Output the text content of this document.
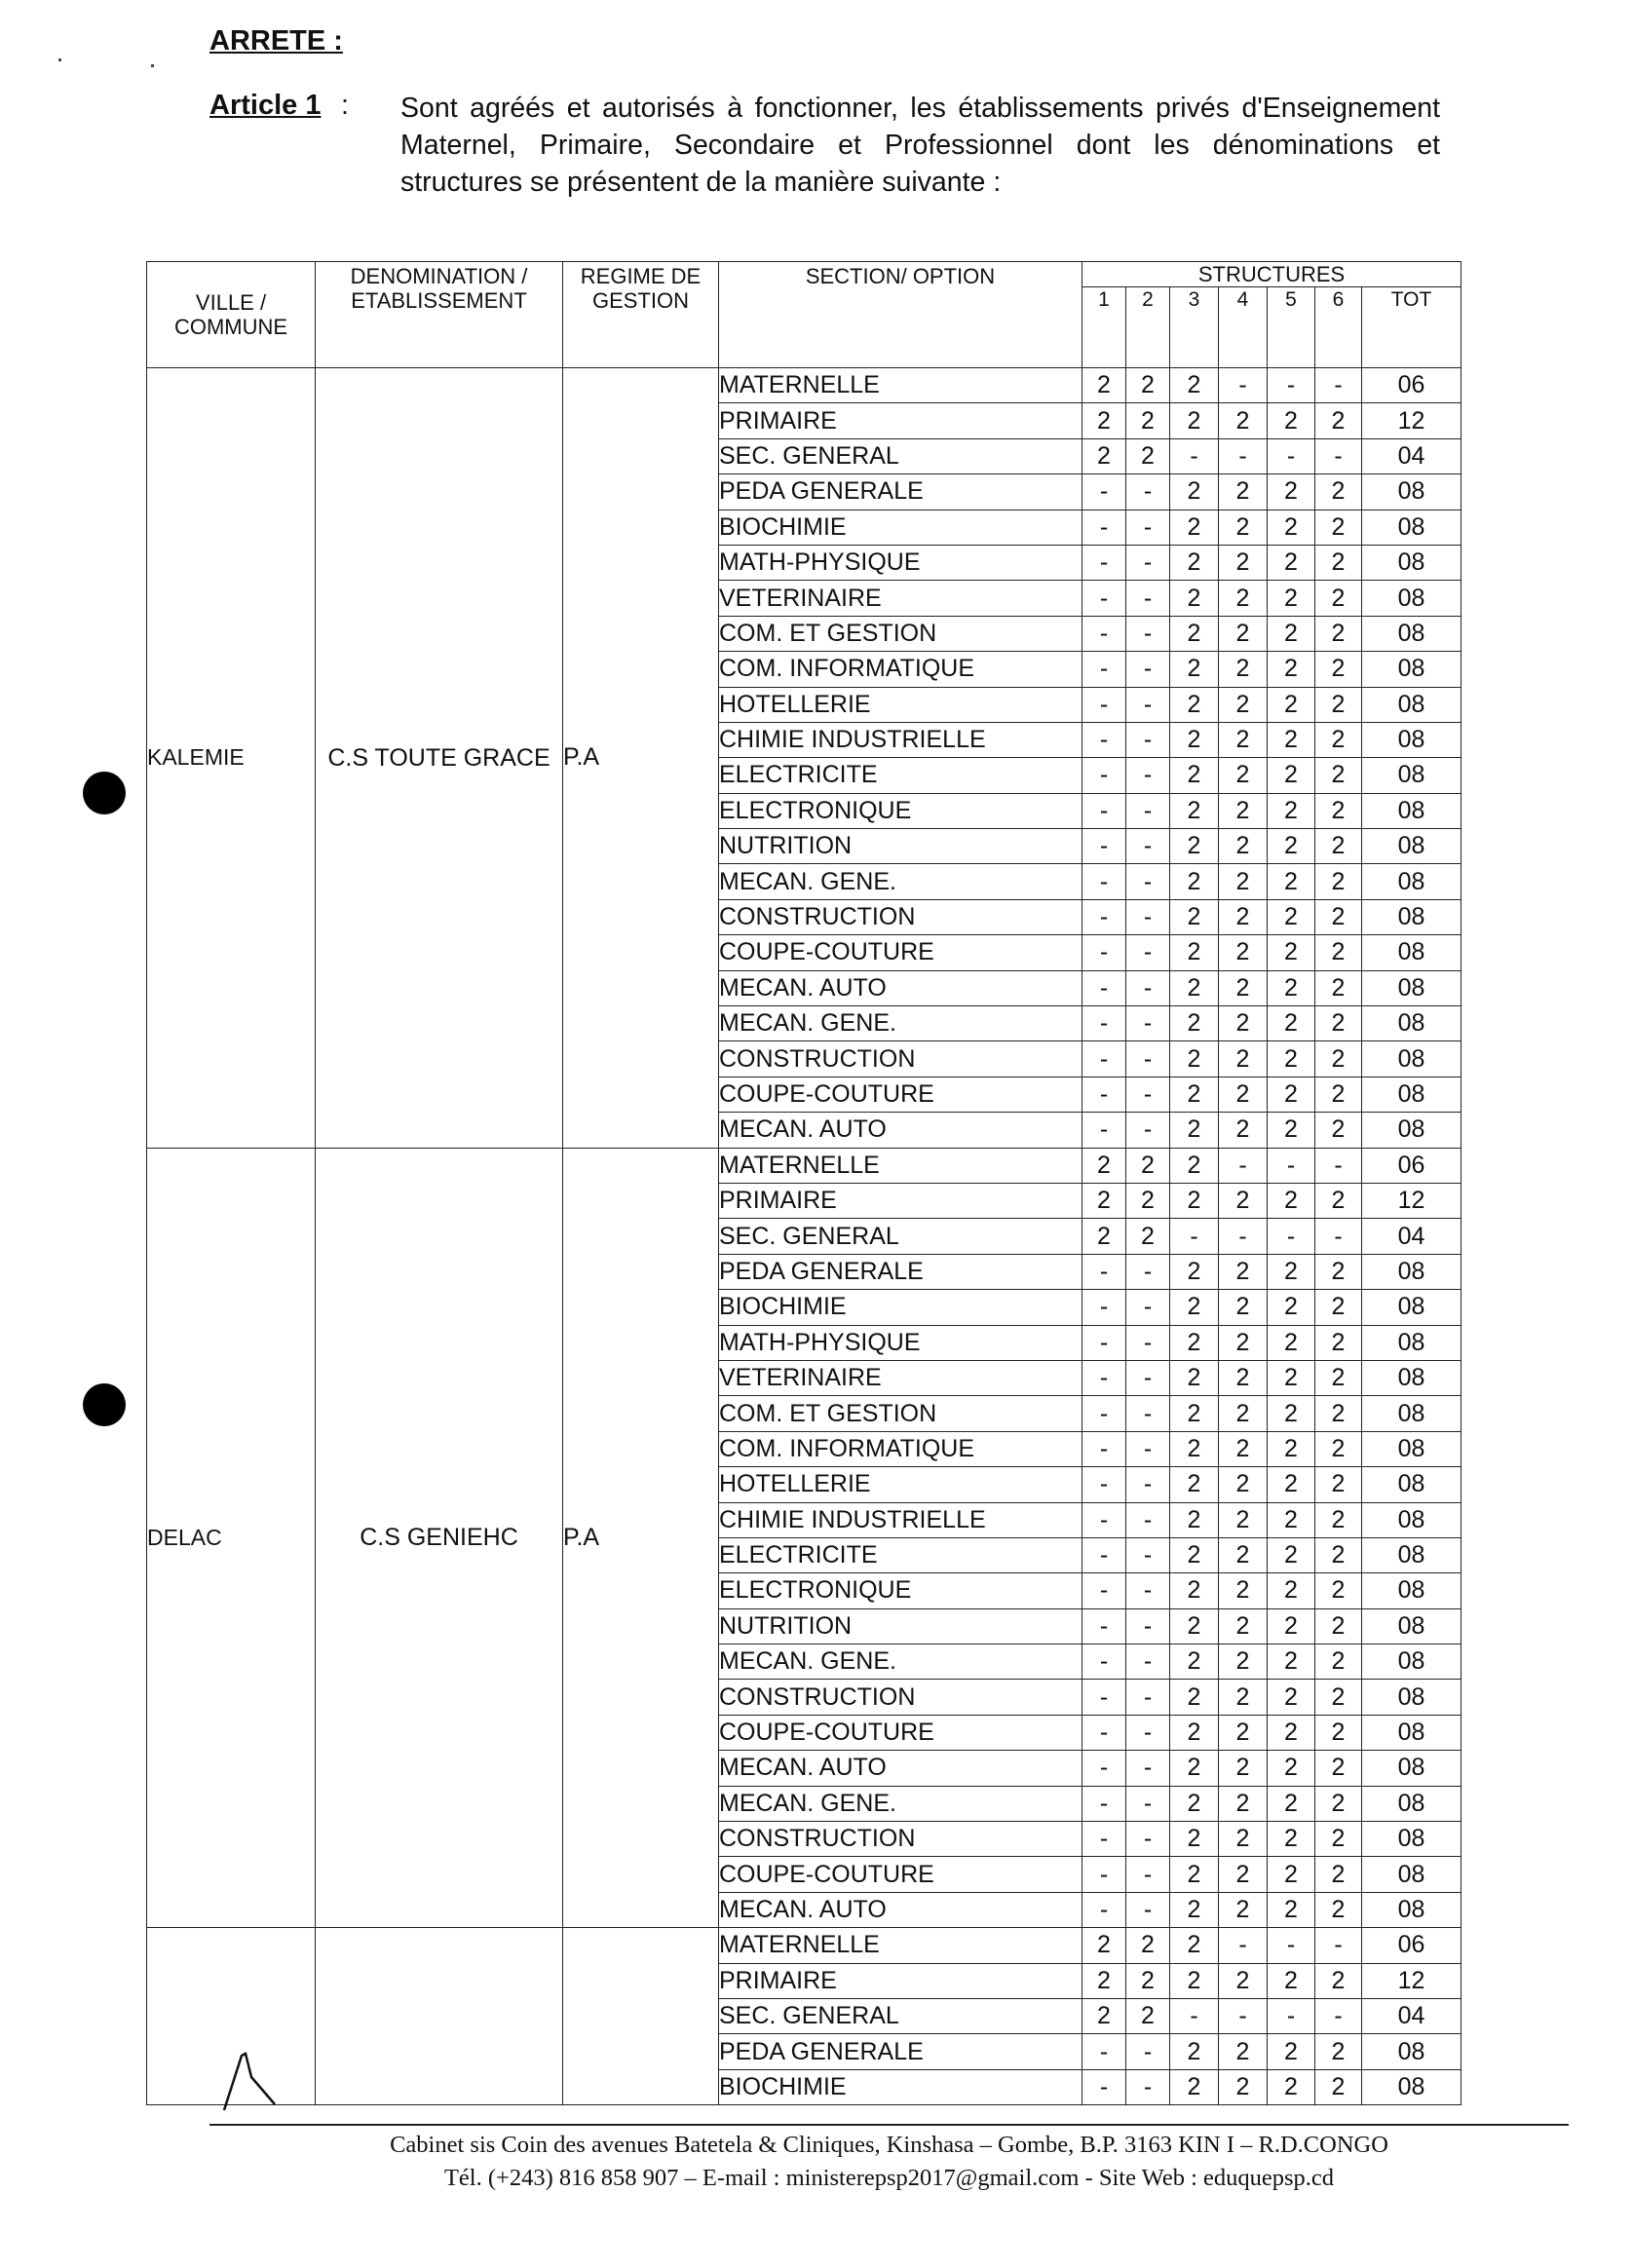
ARRETE :
Article 1 : Sont agréés et autorisés à fonctionner, les établissements privés d'Enseignement Maternel, Primaire, Secondaire et Professionnel dont les dénominations et structures se présentent de la manière suivante :
VILLE / COMMUNE	DENOMINATION / ETABLISSEMENT	REGIME DE GESTION	SECTION/ OPTION	STRUCTURES						
				1	2	3	4	5	6	TOT
KALEMIE	C.S TOUTE GRACE	P.A	MATERNELLE	2	2	2	-	-	-	06
			PRIMAIRE	2	2	2	2	2	2	12
			SEC. GENERAL	2	2	-	-	-	-	04
			PEDA GENERALE	-	-	2	2	2	2	08
			BIOCHIMIE	-	-	2	2	2	2	08
			MATH-PHYSIQUE	-	-	2	2	2	2	08
			VETERINAIRE	-	-	2	2	2	2	08
			COM. ET GESTION	-	-	2	2	2	2	08
			COM. INFORMATIQUE	-	-	2	2	2	2	08
			HOTELLERIE	-	-	2	2	2	2	08
			CHIMIE INDUSTRIELLE	-	-	2	2	2	2	08
			ELECTRICITE	-	-	2	2	2	2	08
			ELECTRONIQUE	-	-	2	2	2	2	08
			NUTRITION	-	-	2	2	2	2	08
			MECAN. GENE.	-	-	2	2	2	2	08
			CONSTRUCTION	-	-	2	2	2	2	08
			COUPE-COUTURE	-	-	2	2	2	2	08
			MECAN. AUTO	-	-	2	2	2	2	08
			MECAN. GENE.	-	-	2	2	2	2	08
			CONSTRUCTION	-	-	2	2	2	2	08
			COUPE-COUTURE	-	-	2	2	2	2	08
			MECAN. AUTO	-	-	2	2	2	2	08
DELAC	C.S GENIEHC	P.A	MATERNELLE	2	2	2	-	-	-	06
			PRIMAIRE	2	2	2	2	2	2	12
			SEC. GENERAL	2	2	-	-	-	-	04
			PEDA GENERALE	-	-	2	2	2	2	08
			BIOCHIMIE	-	-	2	2	2	2	08
			MATH-PHYSIQUE	-	-	2	2	2	2	08
			VETERINAIRE	-	-	2	2	2	2	08
			COM. ET GESTION	-	-	2	2	2	2	08
			COM. INFORMATIQUE	-	-	2	2	2	2	08
			HOTELLERIE	-	-	2	2	2	2	08
			CHIMIE INDUSTRIELLE	-	-	2	2	2	2	08
			ELECTRICITE	-	-	2	2	2	2	08
			ELECTRONIQUE	-	-	2	2	2	2	08
			NUTRITION	-	-	2	2	2	2	08
			MECAN. GENE.	-	-	2	2	2	2	08
			CONSTRUCTION	-	-	2	2	2	2	08
			COUPE-COUTURE	-	-	2	2	2	2	08
			MECAN. AUTO	-	-	2	2	2	2	08
			MECAN. GENE.	-	-	2	2	2	2	08
			CONSTRUCTION	-	-	2	2	2	2	08
			COUPE-COUTURE	-	-	2	2	2	2	08
			MECAN. AUTO	-	-	2	2	2	2	08
			MATERNELLE	2	2	2	-	-	-	06
			PRIMAIRE	2	2	2	2	2	2	12
			SEC. GENERAL	2	2	-	-	-	-	04
			PEDA GENERALE	-	-	2	2	2	2	08
			BIOCHIMIE	-	-	2	2	2	2	08
Cabinet sis Coin des avenues Batetela & Cliniques, Kinshasa – Gombe, B.P. 3163 KIN I – R.D.CONGO
Tél. (+243) 816 858 907 – E-mail : ministerepsp2017@gmail.com - Site Web : eduquepsp.cd
